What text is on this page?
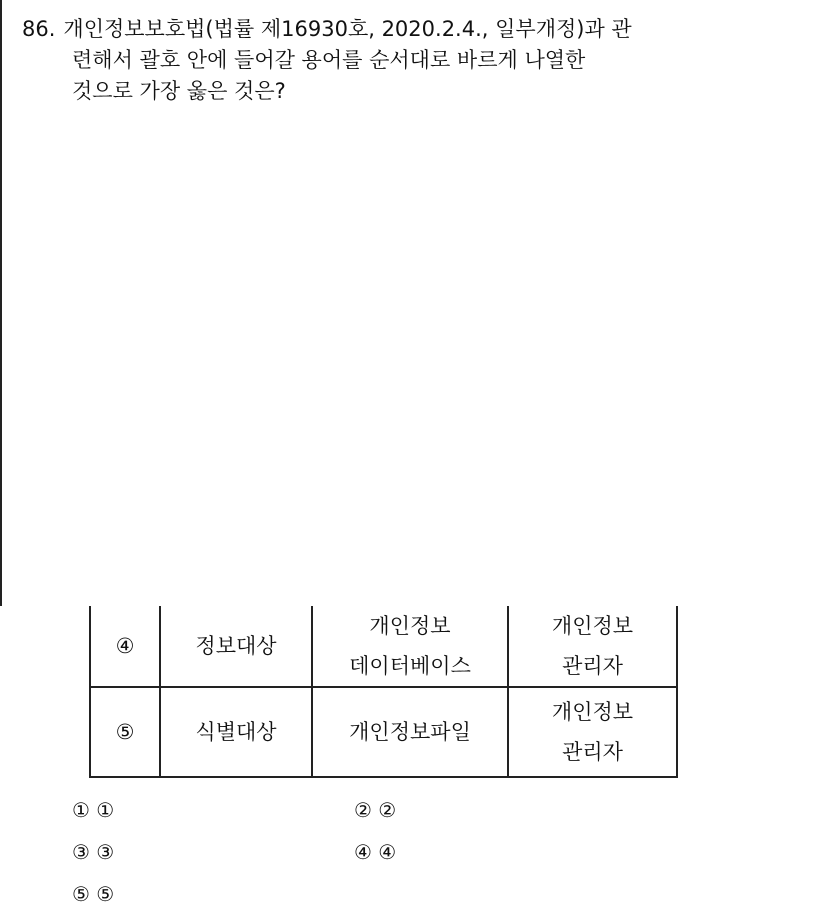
86. 개인정보보호법(법률 제16930호, 2020.2.4., 일부개정)과 관
련해서 괄호 안에 들어갈 용어를 순서대로 바르게 나열한
것으로 가장 옳은 것은?
④	정보대상	개인정보
데이터베이스	개인정보
관리자

⑤	식별대상	개인정보파일	개인정보
관리자
① ①	② ②
③ ③	④ ④
⑤ ⑤
